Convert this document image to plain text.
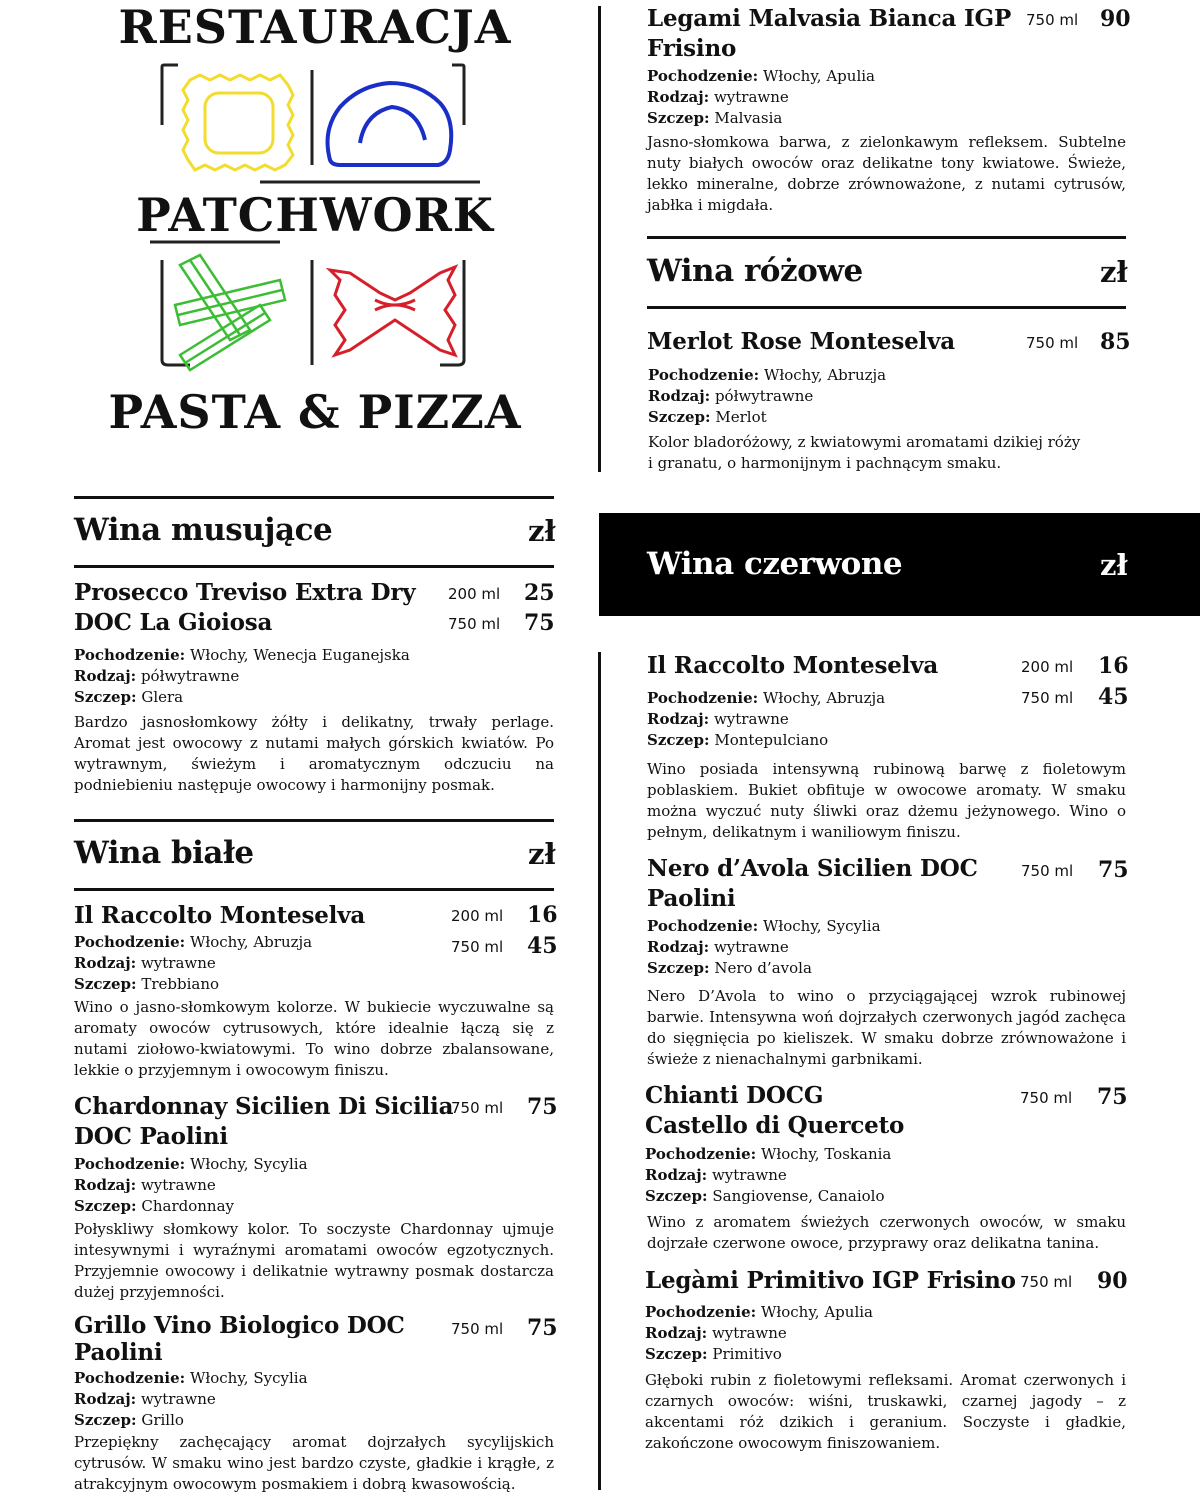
RESTAURACJA
PATCHWORK
PASTA & PIZZA
Wina musujące	zł
Prosecco Treviso Extra Dry
DOC La Gioiosa
200 ml 25
750 ml 75
Pochodzenie: Włochy, Wenecja Euganejska
Rodzaj: półwytrawne
Szczep: Glera
Bardzo jasnosłomkowy żółty i delikatny, trwały perlage. Aromat jest owocowy z nutami małych górskich kwiatów. Po wytrawnym, świeżym i aromatycznym odczuciu na podniebieniu następuje owocowy i harmonijny posmak.
Wina białe	zł
Il Raccolto Monteselva	200 ml 16
750 ml 45
Pochodzenie: Włochy, Abruzja
Rodzaj: wytrawne
Szczep: Trebbiano
Wino o jasno-słomkowym kolorze. W bukiecie wyczuwalne są aromaty owoców cytrusowych, które idealnie łączą się z nutami ziołowo-kwiatowymi. To wino dobrze zbalansowane, lekkie o przyjemnym i owocowym finiszu.
Chardonnay Sicilien Di Sicilia
DOC Paolini
750 ml 75
Pochodzenie: Włochy, Sycylia
Rodzaj: wytrawne
Szczep: Chardonnay
Połyskliwy słomkowy kolor. To soczyste Chardonnay ujmuje intesywnymi i wyraźnymi aromatami owoców egzotycznych. Przyjemnie owocowy i delikatnie wytrawny posmak dostarcza dużej przyjemności.
Grillo Vino Biologico DOC
Paolini
750 ml 75
Pochodzenie: Włochy, Sycylia
Rodzaj: wytrawne
Szczep: Grillo
Przepiękny zachęcający aromat dojrzałych sycylijskich cytrusów. W smaku wino jest bardzo czyste, gładkie i krągłe, z atrakcyjnym owocowym posmakiem i dobrą kwasowością.
Legami Malvasia Bianca IGP
Frisino
750 ml 90
Pochodzenie: Włochy, Apulia
Rodzaj: wytrawne
Szczep: Malvasia
Jasno-słomkowa barwa, z zielonkawym refleksem. Subtelne nuty białych owoców oraz delikatne tony kwiatowe. Świeże, lekko mineralne, dobrze zrównoważone, z nutami cytrusów, jabłka i migdała.
Wina różowe	zł
Merlot Rose Monteselva	750 ml 85
Pochodzenie: Włochy, Abruzja
Rodzaj: półwytrawne
Szczep: Merlot
Kolor bladoróżowy, z kwiatowymi aromatami dzikiej róży
i granatu, o harmonijnym i pachnącym smaku.
Wina czerwone	zł
Il Raccolto Monteselva	200 ml 16
750 ml 45
Pochodzenie: Włochy, Abruzja
Rodzaj: wytrawne
Szczep: Montepulciano
Wino posiada intensywną rubinową barwę z fioletowym poblaskiem. Bukiet obfituje w owocowe aromaty. W smaku można wyczuć nuty śliwki oraz dżemu jeżynowego. Wino o pełnym, delikatnym i waniliowym finiszu.
Nero d’Avola Sicilien DOC
Paolini
750 ml 75
Pochodzenie: Włochy, Sycylia
Rodzaj: wytrawne
Szczep: Nero d’avola
Nero D’Avola to wino o przyciągającej wzrok rubinowej barwie. Intensywna woń dojrzałych czerwonych jagód zachęca do sięgnięcia po kieliszek. W smaku dobrze zrównoważone i świeże z nienachalnymi garbnikami.
Chianti DOCG
Castello di Querceto
750 ml 75
Pochodzenie: Włochy, Toskania
Rodzaj: wytrawne
Szczep: Sangiovense, Canaiolo
Wino z aromatem świeżych czerwonych owoców, w smaku dojrzałe czerwone owoce, przyprawy oraz delikatna tanina.
Legàmi Primitivo IGP Frisino 750 ml 90
Pochodzenie: Włochy, Apulia
Rodzaj: wytrawne
Szczep: Primitivo
Głęboki rubin z fioletowymi refleksami. Aromat czerwonych i czarnych owoców: wiśni, truskawki, czarnej jagody – z akcentami róż dzikich i geranium. Soczyste i gładkie, zakończone owocowym finiszowaniem.
